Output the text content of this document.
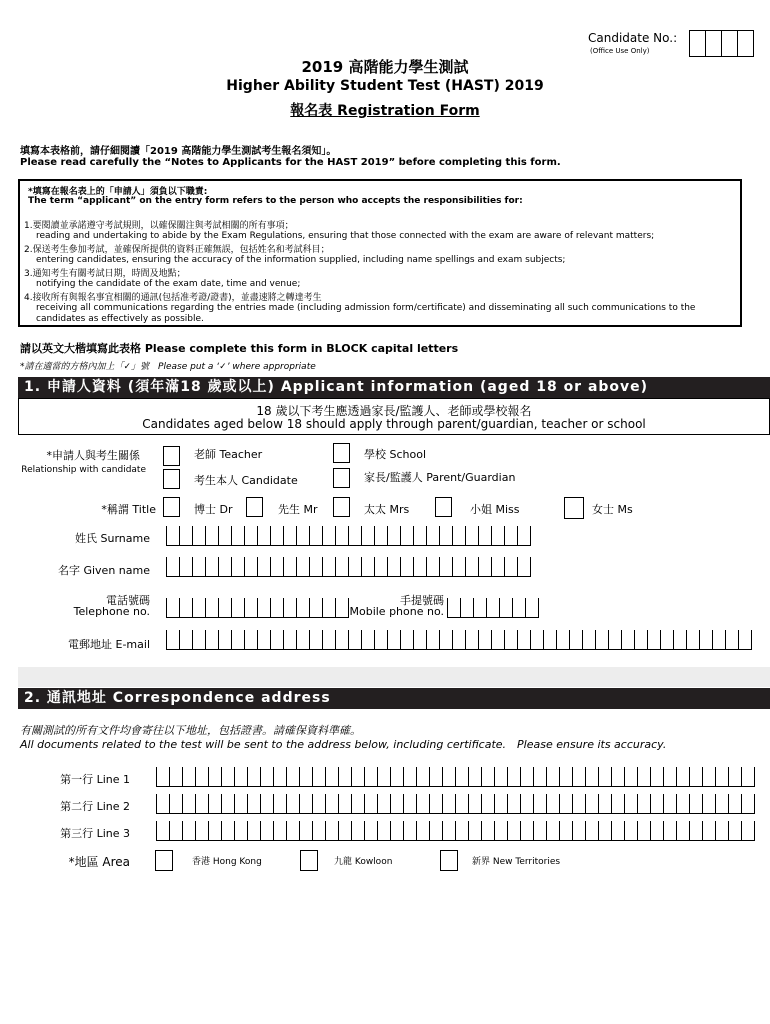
Candidate No.:
(Office Use Only)
2019 高階能力學生測試
Higher Ability Student Test (HAST) 2019
報名表 Registration Form
填寫本表格前，請仔細閱讀「2019 高階能力學生測試考生報名須知」。
Please read carefully the “Notes to Applicants for the HAST 2019” before completing this form.
*填寫在報名表上的「申請人」須負以下職責:
The term “applicant” on the entry form refers to the person who accepts the responsibilities for:
1.要閱讀並承諾遵守考試規則，以確保關注與考試相關的所有事項；
reading and undertaking to abide by the Exam Regulations, ensuring that those connected with the exam are aware of relevant matters;
2.保送考生參加考試，並確保所提供的資料正確無誤，包括姓名和考試科目；
entering candidates, ensuring the accuracy of the information supplied, including name spellings and exam subjects;
3.通知考生有關考試日期，時間及地點；
notifying the candidate of the exam date, time and venue;
4.接收所有與報名事宜相關的通訊(包括准考證/證書)，並盡速將之轉達考生
receiving all communications regarding the entries made (including admission form/certificate) and disseminating all such communications to the
candidates as effectively as possible.
請以英文大楷填寫此表格 Please complete this form in BLOCK capital letters
*請在適當的方格內加上「✓」號　Please put a ‘✓’ where appropriate
1. 申請人資料 (須年滿18 歲或以上) Applicant information (aged 18 or above)
18 歲以下考生應透過家長/監護人、老師或學校報名
Candidates aged below 18 should apply through parent/guardian, teacher or school
*申請人與考生關係
Relationship with candidate
老師 Teacher	學校 School
考生本人 Candidate	家長/監護人 Parent/Guardian
*稱謂 Title	博士 Dr	先生 Mr	太太 Mrs	小姐 Miss	女士 Ms
姓氏 Surname
名字 Given name
電話號碼
Telephone no.
手提號碼
Mobile phone no.
電郵地址 E-mail
2. 通訊地址 Correspondence address
有關測試的所有文件均會寄往以下地址，包括證書。請確保資料準確。
All documents related to the test will be sent to the address below, including certificate.　Please ensure its accuracy.
第一行 Line 1
第二行 Line 2
第三行 Line 3
*地區 Area	香港 Hong Kong	九龍 Kowloon	新界 New Territories
